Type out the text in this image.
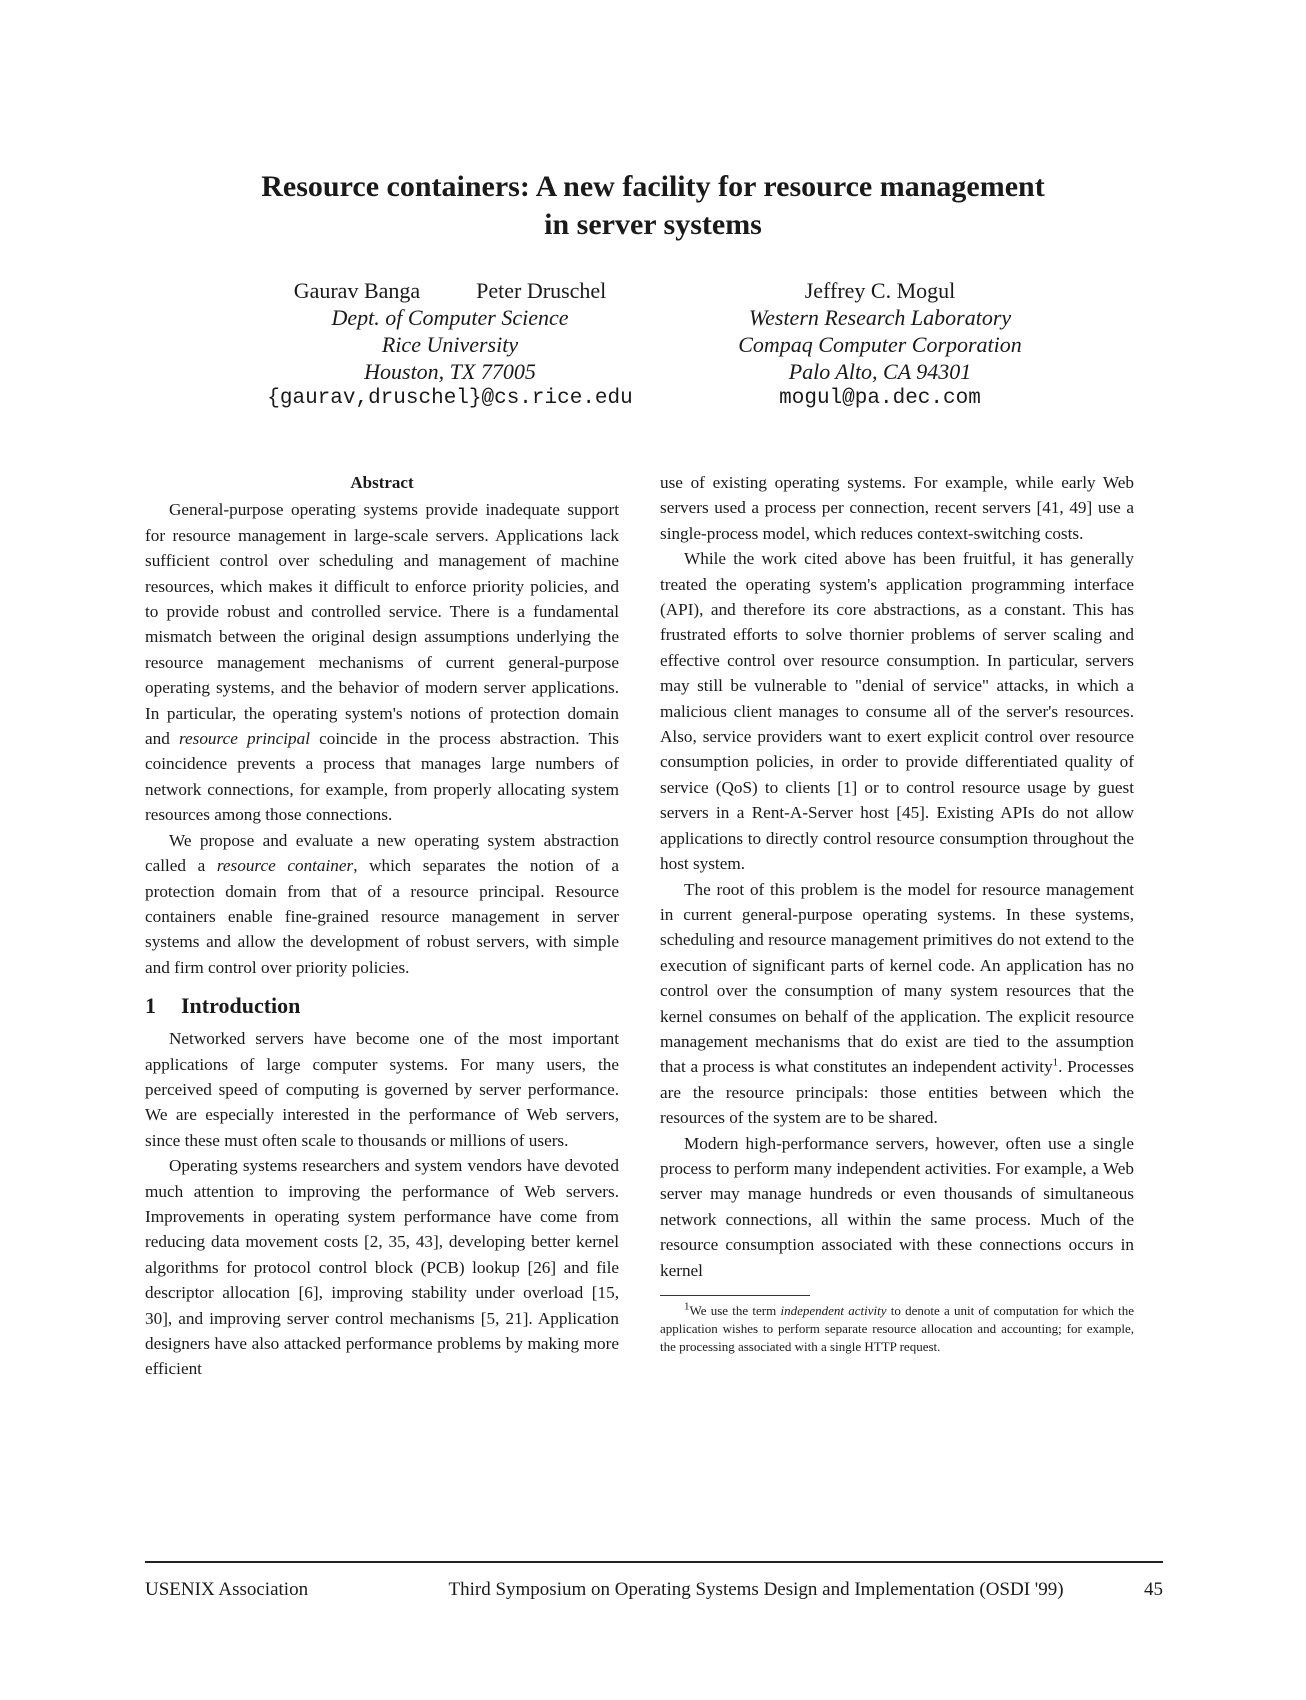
Resource containers: A new facility for resource management
in server systems
Gaurav Banga	Peter Druschel
Dept. of Computer Science
Rice University
Houston, TX 77005
{gaurav,druschel}@cs.rice.edu
Jeffrey C. Mogul
Western Research Laboratory
Compaq Computer Corporation
Palo Alto, CA 94301
mogul@pa.dec.com
Abstract

General-purpose operating systems provide inadequate support for resource management in large-scale servers. Applications lack sufficient control over scheduling and management of machine resources, which makes it difficult to enforce priority policies, and to provide robust and controlled service. There is a fundamental mismatch between the original design assumptions underlying the resource management mechanisms of current general-purpose operating systems, and the behavior of modern server applications. In particular, the operating system's notions of protection domain and resource principal coincide in the process abstraction. This coincidence prevents a process that manages large numbers of network connections, for example, from properly allocating system resources among those connections.

We propose and evaluate a new operating system abstraction called a resource container, which separates the notion of a protection domain from that of a resource principal. Resource containers enable fine-grained resource management in server systems and allow the development of robust servers, with simple and firm control over priority policies.

1 Introduction

Networked servers have become one of the most important applications of large computer systems. For many users, the perceived speed of computing is governed by server performance. We are especially interested in the performance of Web servers, since these must often scale to thousands or millions of users.

Operating systems researchers and system vendors have devoted much attention to improving the performance of Web servers. Improvements in operating system performance have come from reducing data movement costs [2, 35, 43], developing better kernel algorithms for protocol control block (PCB) lookup [26] and file descriptor allocation [6], improving stability under overload [15, 30], and improving server control mechanisms [5, 21]. Application designers have also attacked performance problems by making more efficient

use of existing operating systems. For example, while early Web servers used a process per connection, recent servers [41, 49] use a single-process model, which reduces context-switching costs.

While the work cited above has been fruitful, it has generally treated the operating system's application programming interface (API), and therefore its core abstractions, as a constant. This has frustrated efforts to solve thornier problems of server scaling and effective control over resource consumption. In particular, servers may still be vulnerable to "denial of service" attacks, in which a malicious client manages to consume all of the server's resources. Also, service providers want to exert explicit control over resource consumption policies, in order to provide differentiated quality of service (QoS) to clients [1] or to control resource usage by guest servers in a Rent-A-Server host [45]. Existing APIs do not allow applications to directly control resource consumption throughout the host system.

The root of this problem is the model for resource management in current general-purpose operating systems. In these systems, scheduling and resource management primitives do not extend to the execution of significant parts of kernel code. An application has no control over the consumption of many system resources that the kernel consumes on behalf of the application. The explicit resource management mechanisms that do exist are tied to the assumption that a process is what constitutes an independent activity$^1$. Processes are the resource principals: those entities between which the resources of the system are to be shared.

Modern high-performance servers, however, often use a single process to perform many independent activities. For example, a Web server may manage hundreds or even thousands of simultaneous network connections, all within the same process. Much of the resource consumption associated with these connections occurs in kernel

$^1$We use the term independent activity to denote a unit of computation for which the application wishes to perform separate resource allocation and accounting; for example, the processing associated with a single HTTP request.

USENIX Association	Third Symposium on Operating Systems Design and Implementation (OSDI '99)	45
